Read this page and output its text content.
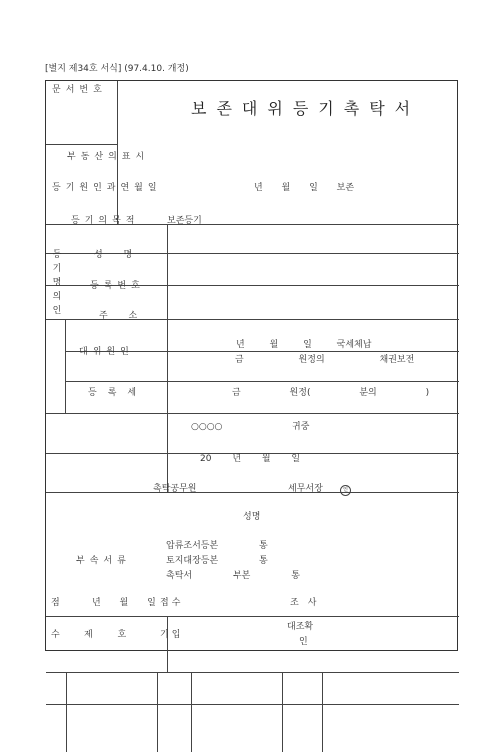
[별지 제34호 서식] (97.4.10. 개정)
문서번호
보존대위등기촉탁서
부동산의표시
등기원인과연월일	년 월 일 보존
등기의목적	보존등기
등기명의인
성 명
등록번호
주 소
대위원인
년 월 일 국세체납
금 원정의 채권보전
등록세	금 원정( 분의 )
○○○○	귀중
20 년 월 일
촉탁공무원	세무서장	인
성명
부속서류
압류조서등본 통
토지대장등본 통
촉탁서 부본 통
점	년 월 일 접수	조사
수	제 호	기입
대조확
인
